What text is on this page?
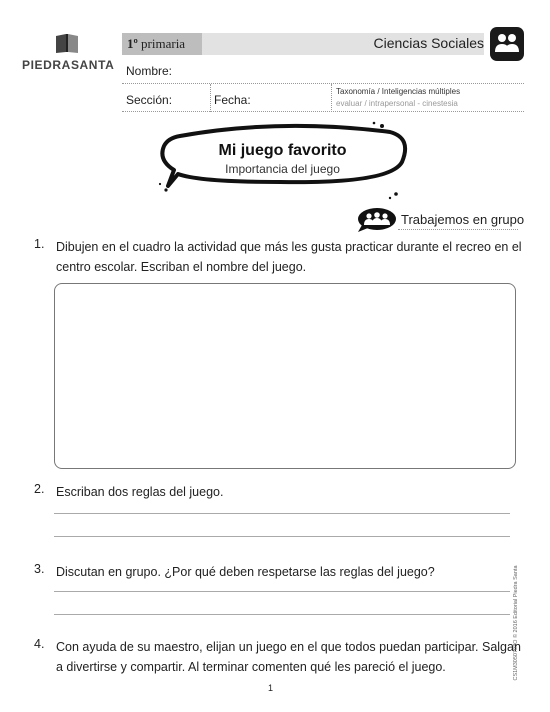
PIEDRASANTA
1º primaria	Ciencias Sociales
Nombre:
Sección:	Fecha:
Taxonomía / Inteligencias múltiples
evaluar / intrapersonal - cinestesia
Mi juego favorito
Importancia del juego
Trabajemos en grupo
1. Dibujen en el cuadro la actividad que más les gusta practicar durante el recreo en el centro escolar. Escriban el nombre del juego.
2. Escriban dos reglas del juego.
3. Discutan en grupo. ¿Por qué deben respetarse las reglas del juego?
4. Con ayuda de su maestro, elijan un juego en el que todos puedan participar. Salgan a divertirse y compartir. Al terminar comenten qué les pareció el juego.
1
CS1M3050703O © 2016 Editorial Piedra Santa
